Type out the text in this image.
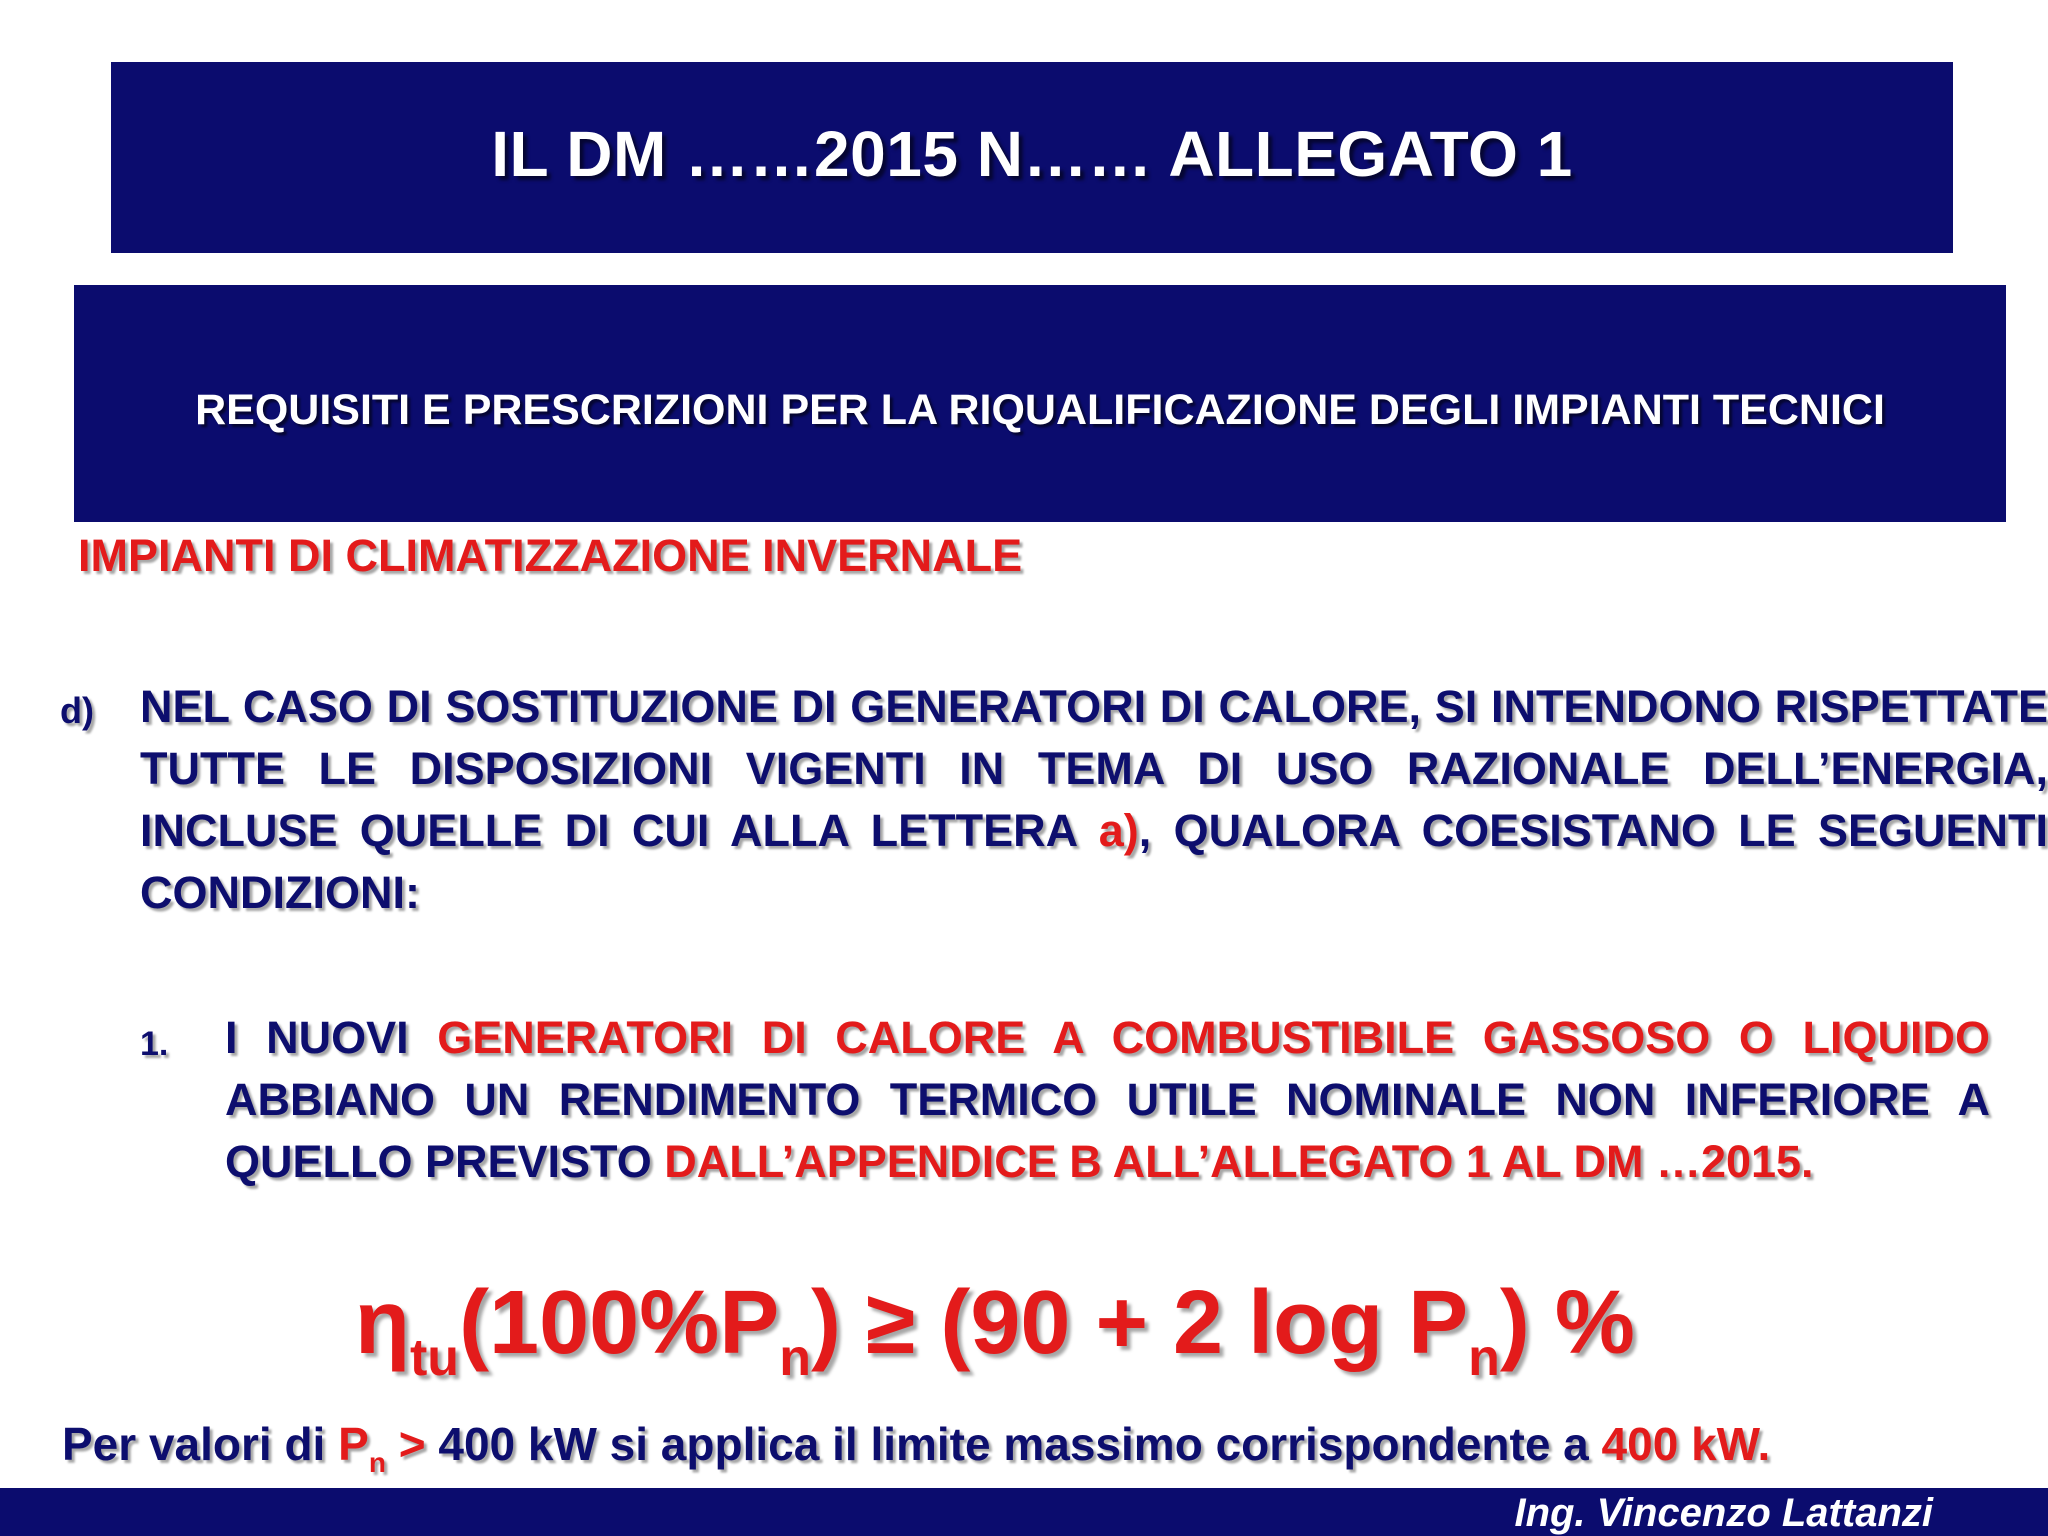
IL DM ……2015 N…… ALLEGATO 1
REQUISITI E PRESCRIZIONI PER LA RIQUALIFICAZIONE DEGLI IMPIANTI TECNICI
IMPIANTI DI CLIMATIZZAZIONE INVERNALE
d) NEL CASO DI SOSTITUZIONE DI GENERATORI DI CALORE, SI INTENDONO RISPETTATE TUTTE LE DISPOSIZIONI VIGENTI IN TEMA DI USO RAZIONALE DELL’ENERGIA, INCLUSE QUELLE DI CUI ALLA LETTERA a), QUALORA COESISTANO LE SEGUENTI CONDIZIONI:
1. I NUOVI GENERATORI DI CALORE A COMBUSTIBILE GASSOSO O LIQUIDO ABBIANO UN RENDIMENTO TERMICO UTILE NOMINALE NON INFERIORE A QUELLO PREVISTO DALL’APPENDICE B ALL’ALLEGATO 1 AL DM …2015.
$\eta_{tu}(100\%P_n) \ge (90 + 2$ $\log P_n$) %
Per valori di $P_n > 400$ kW si applica il limite massimo corrispondente a 400 kW.
Ing. Vincenzo Lattanzi
